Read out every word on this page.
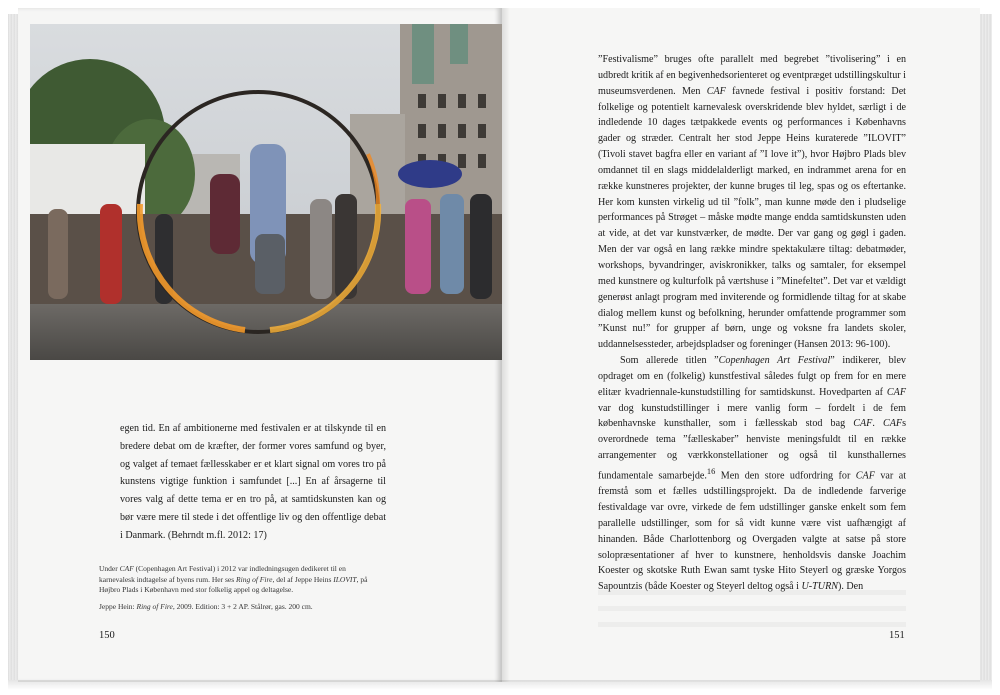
egen tid. En af ambitionerne med festivalen er at tilskynde til en bredere debat om de kræfter, der former vores samfund og byer, og valget af temaet fællesskaber er et klart signal om vores tro på kunstens vigtige funktion i samfundet [...] En af årsagerne til vores valg af dette tema er en tro på, at samtidskunsten kan og bør være mere til stede i det offentlige liv og den offentlige debat i Danmark. (Behrndt m.fl. 2012: 17)

Under CAF (Copenhagen Art Festival) i 2012 var indledningsugen dedikeret til en karnevalesk indtagelse af byens rum. Her ses Ring of Fire, del af Jeppe Heins ILOVIT, på Højbro Plads i København med stor folkelig appel og deltagelse.

Jeppe Hein: Ring of Fire, 2009. Edition: 3 + 2 AP. Stålrør, gas. 200 cm.

150

”Festivalisme” bruges ofte parallelt med begrebet ”tivolisering” i en udbredt kritik af en begivenhedsorienteret og eventpræget udstillingskultur i museumsverdenen. Men CAF favnede festival i positiv forstand: Det folkelige og potentielt karnevalesk overskridende blev hyldet, særligt i de indledende 10 dages tætpakkede events og performances i Københavns gader og stræder. Centralt her stod Jeppe Heins kuraterede ”ILOVIT” (Tivoli stavet bagfra eller en variant af ”I love it”), hvor Højbro Plads blev omdannet til en slags middelalderligt marked, en indrammet arena for en række kunstneres projekter, der kunne bruges til leg, spas og os eftertanke. Her kom kunsten virkelig ud til ”folk”, man kunne møde den i pludselige performances på Strøget – måske mødte mange endda samtidskunsten uden at vide, at det var kunstværker, de mødte. Der var gang og gøgl i gaden. Men der var også en lang række mindre spektakulære tiltag: debatmøder, workshops, byvandringer, aviskronikker, talks og samtaler, for eksempel med kunstnere og kulturfolk på værtshuse i ”Minefeltet”. Det var et vældigt generøst anlagt program med inviterende og formidlende tiltag for at skabe dialog mellem kunst og befolkning, herunder omfattende programmer som ”Kunst nu!” for grupper af børn, unge og voksne fra landets skoler, uddannelsessteder, arbejdspladser og foreninger (Hansen 2013: 96-100).

Som allerede titlen ”Copenhagen Art Festival” indikerer, blev opdraget om en (folkelig) kunstfestival således fulgt op frem for en mere elitær kvadriennale-kunstudstilling for samtidskunst. Hovedparten af CAF var dog kunstudstillinger i mere vanlig form – fordelt i de fem københavnske kunsthaller, som i fællesskab stod bag CAF. CAFs overordnede tema ”fælleskaber” henviste meningsfuldt til en række arrangementer og værkkonstellationer og også til kunsthallernes fundamentale samarbejde.$^{16}$ Men den store udfordring for CAF var at fremstå som et fælles udstillingsprojekt. Da de indledende farverige festivaldage var ovre, virkede de fem udstillinger ganske enkelt som fem parallelle udstillinger, som for så vidt kunne være vist uafhængigt af hinanden. Både Charlottenborg og Overgaden valgte at satse på store solopræsentationer af hver to kunstnere, henholdsvis danske Joachim Koester og skotske Ruth Ewan samt tyske Hito Steyerl og græske Yorgos Sapountzis (både Koester og Steyerl deltog også i U-TURN). Den

151
